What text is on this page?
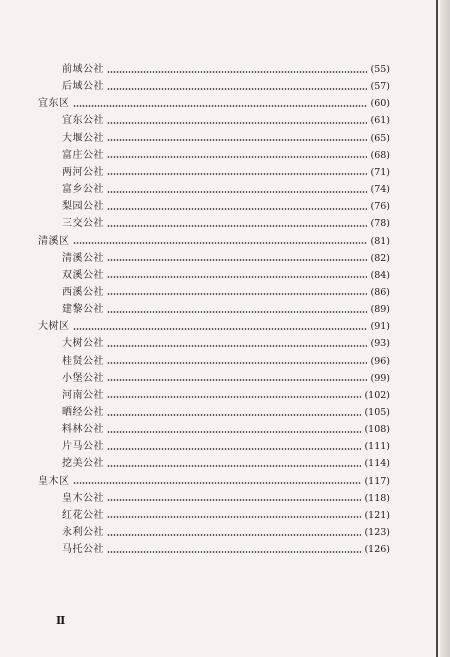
前域公社	(55)
后域公社	(57)
宜东区	(60)
宜东公社	(61)
大堰公社	(65)
富庄公社	(68)
两河公社	(71)
富乡公社	(74)
梨园公社	(76)
三交公社	(78)
清溪区	(81)
清溪公社	(82)
双溪公社	(84)
西溪公社	(86)
建黎公社	(89)
大树区	(91)
大树公社	(93)
桂贤公社	(96)
小堡公社	(99)
河南公社	(102)
晒经公社	(105)
料林公社	(108)
片马公社	(111)
挖美公社	(114)
皇木区	(117)
皇木公社	(118)
红花公社	(121)
永利公社	(123)
马托公社	(126)
II
